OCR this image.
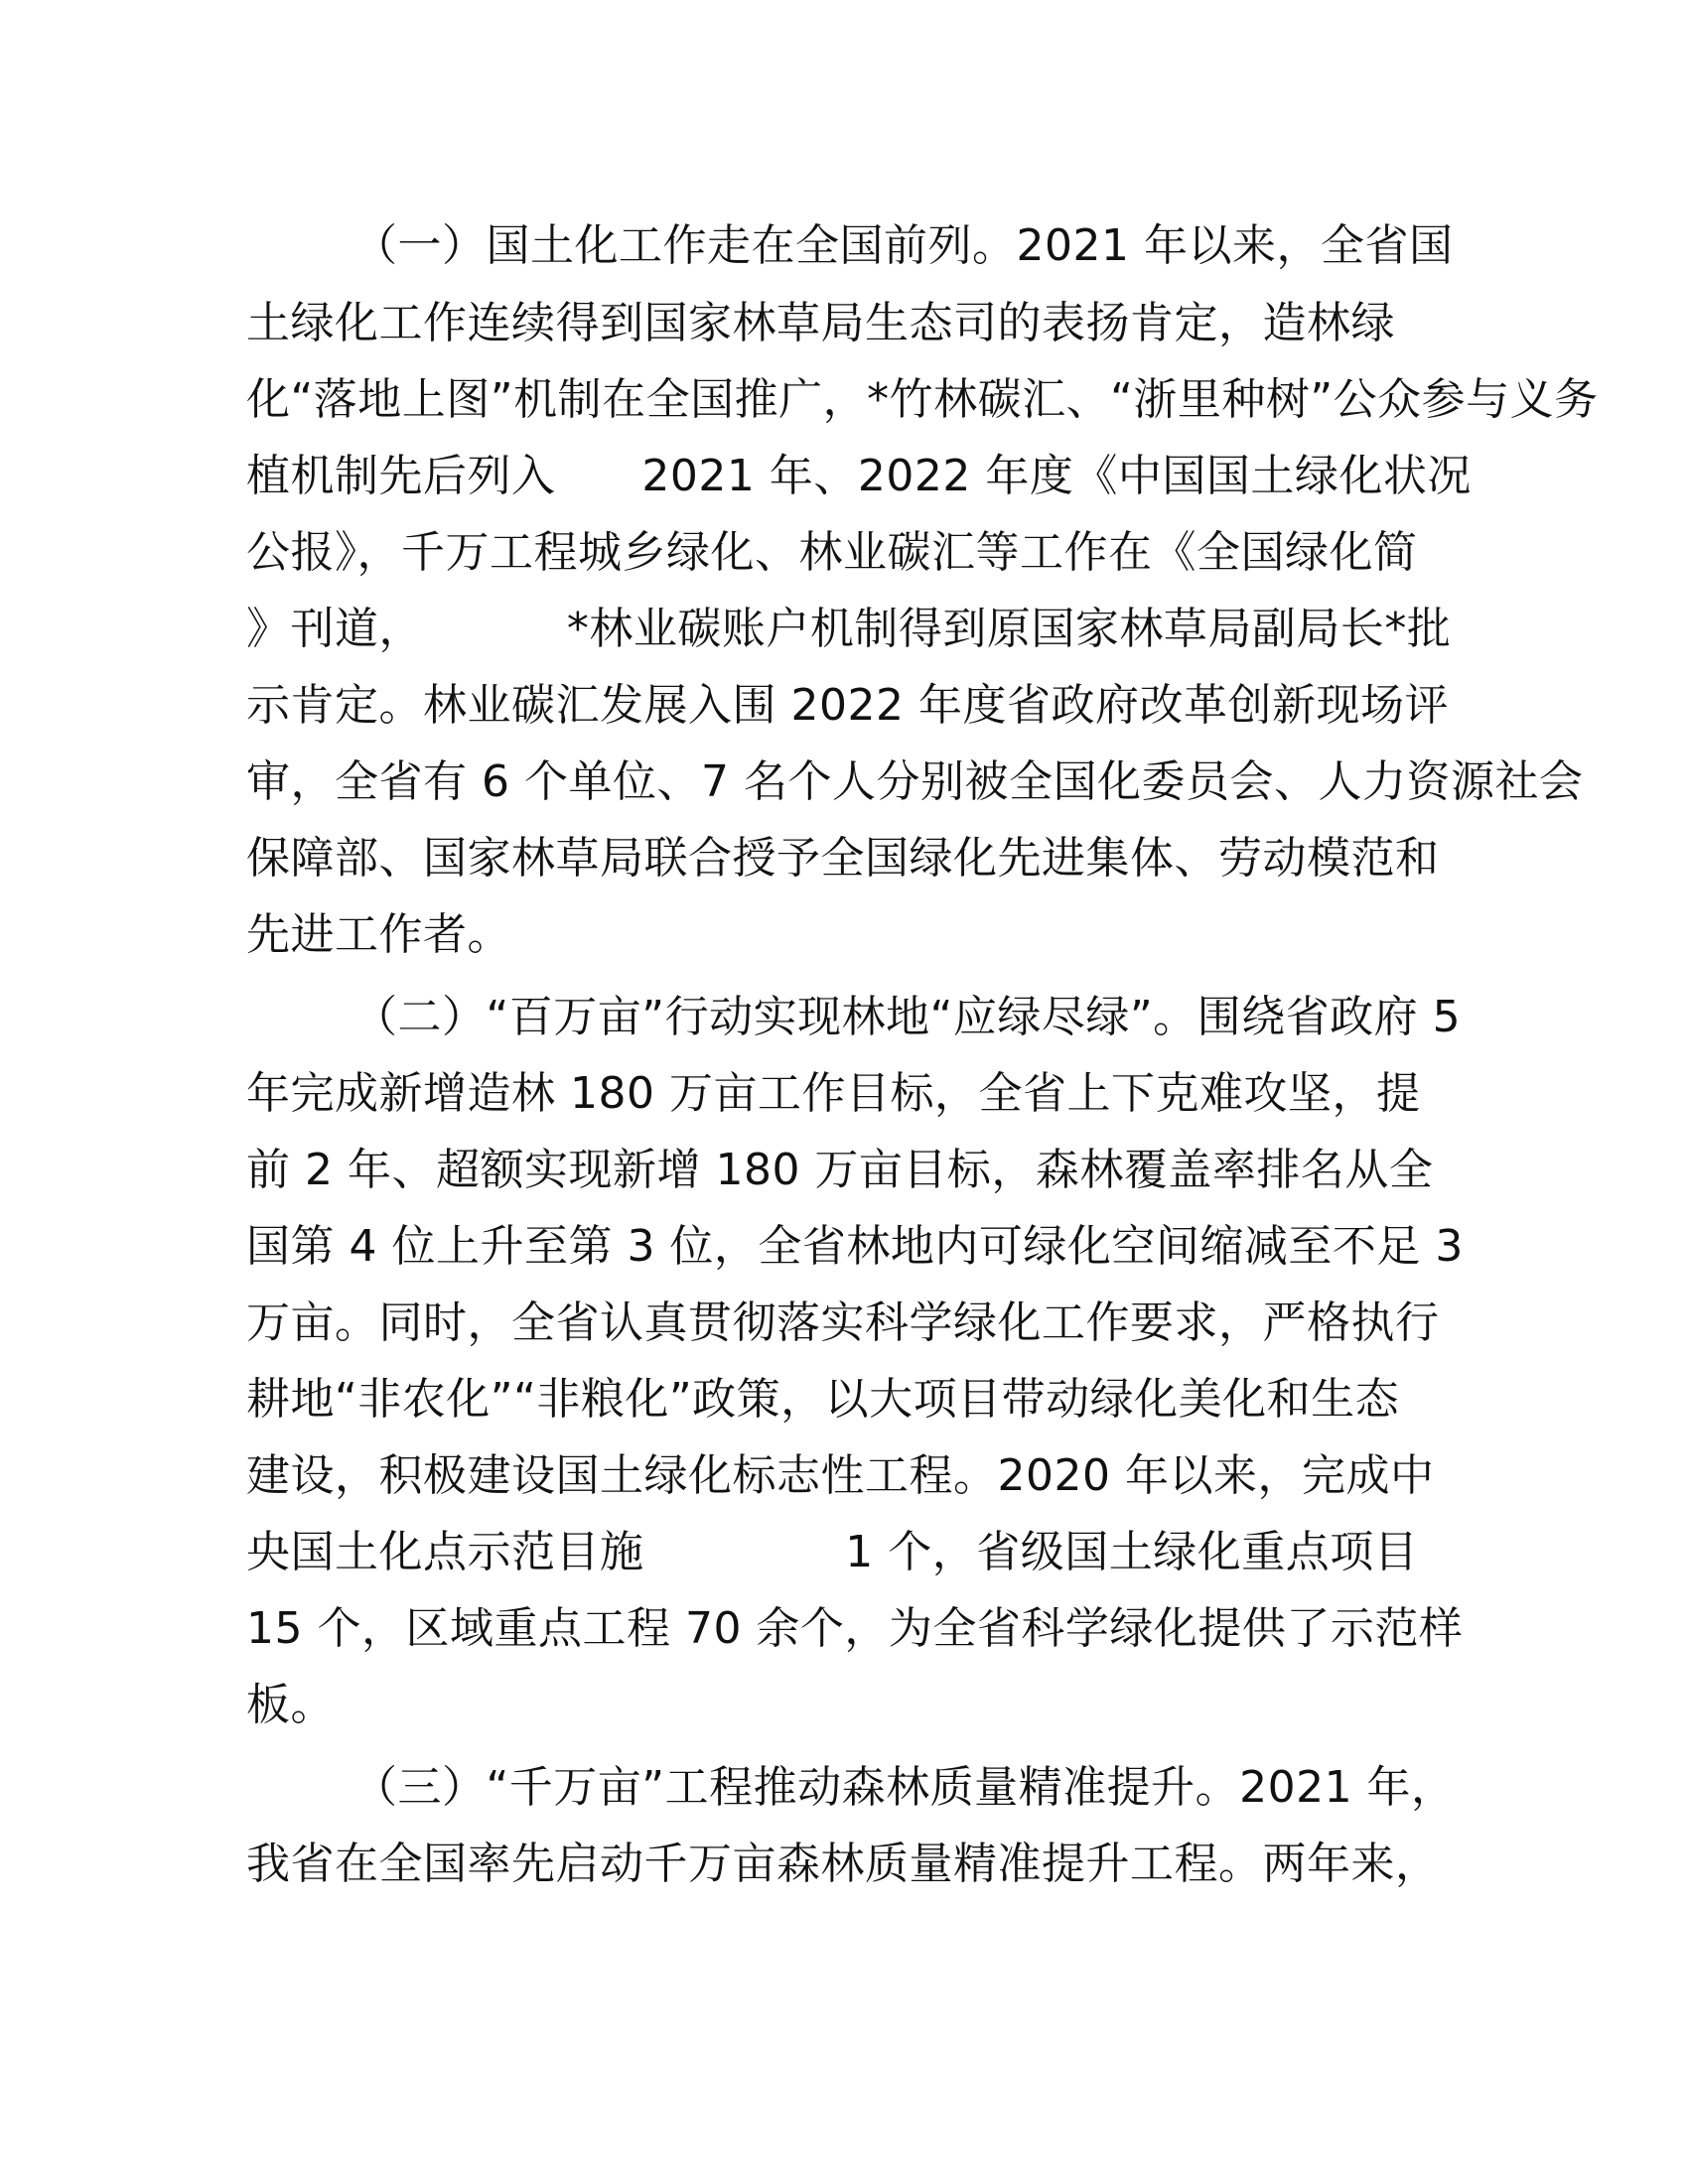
（一）国土化工作走在全国前列。2021 年以来，全省国
土绿化工作连续得到国家林草局生态司的表扬肯定，造林绿
化“落地上图”机制在全国推广，*竹林碳汇、“浙里种树”公众参与义务
植机制先后列入      2021 年、2022 年度《中国国土绿化状况
公报》，千万工程城乡绿化、林业碳汇等工作在《全国绿化简
》刊道，          *林业碳账户机制得到原国家林草局副局长*批
示肯定。林业碳汇发展入围 2022 年度省政府改革创新现场评
审，全省有 6 个单位、7 名个人分别被全国化委员会、人力资源社会
保障部、国家林草局联合授予全国绿化先进集体、劳动模范和
先进工作者。
（二）“百万亩”行动实现林地“应绿尽绿”。围绕省政府 5
年完成新增造林 180 万亩工作目标，全省上下克难攻坚，提
前 2 年、超额实现新增 180 万亩目标，森林覆盖率排名从全
国第 4 位上升至第 3 位，全省林地内可绿化空间缩减至不足 3
万亩。同时，全省认真贯彻落实科学绿化工作要求，严格执行
耕地“非农化”“非粮化”政策，以大项目带动绿化美化和生态
建设，积极建设国土绿化标志性工程。2020 年以来，完成中
央国土化点示范目施              1 个，省级国土绿化重点项目
15 个，区域重点工程 70 余个，为全省科学绿化提供了示范样
板。
（三）“千万亩”工程推动森林质量精准提升。2021 年，
我省在全国率先启动千万亩森林质量精准提升工程。两年来，
